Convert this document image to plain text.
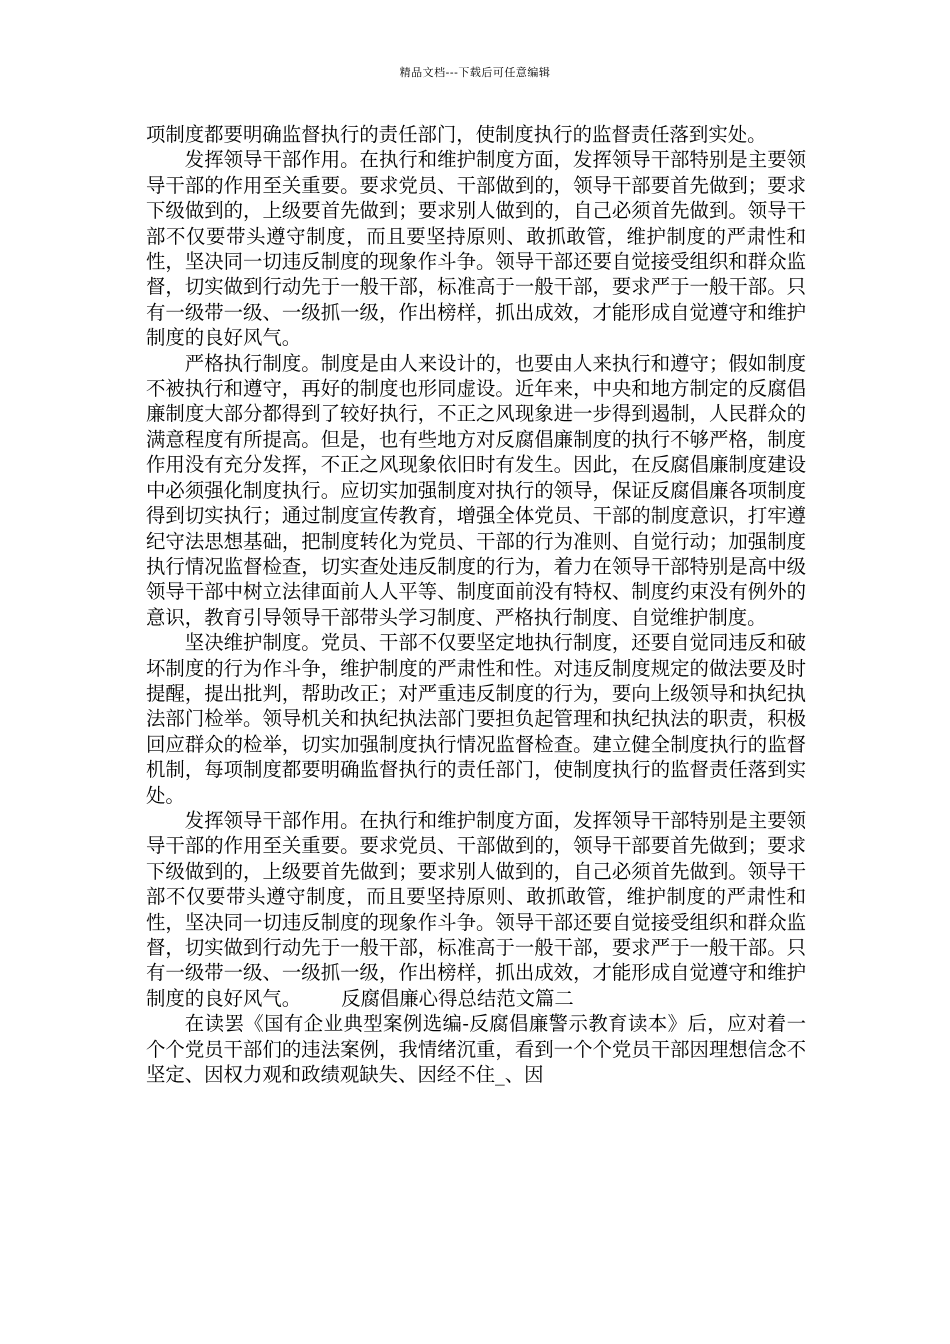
精品文档---下载后可任意编辑

项制度都要明确监督执行的责任部门，使制度执行的监督责任落到实处。

发挥领导干部作用。在执行和维护制度方面，发挥领导干部特别是主要领导干部的作用至关重要。要求党员、干部做到的，领导干部要首先做到；要求下级做到的，上级要首先做到；要求别人做到的，自己必须首先做到。领导干部不仅要带头遵守制度，而且要坚持原则、敢抓敢管，维护制度的严肃性和性，坚决同一切违反制度的现象作斗争。领导干部还要自觉接受组织和群众监督，切实做到行动先于一般干部，标准高于一般干部，要求严于一般干部。只有一级带一级、一级抓一级，作出榜样，抓出成效，才能形成自觉遵守和维护制度的良好风气。

严格执行制度。制度是由人来设计的，也要由人来执行和遵守；假如制度不被执行和遵守，再好的制度也形同虚设。近年来，中央和地方制定的反腐倡廉制度大部分都得到了较好执行，不正之风现象进一步得到遏制，人民群众的满意程度有所提高。但是，也有些地方对反腐倡廉制度的执行不够严格，制度作用没有充分发挥，不正之风现象依旧时有发生。因此，在反腐倡廉制度建设中必须强化制度执行。应切实加强制度对执行的领导，保证反腐倡廉各项制度得到切实执行；通过制度宣传教育，增强全体党员、干部的制度意识，打牢遵纪守法思想基础，把制度转化为党员、干部的行为准则、自觉行动；加强制度执行情况监督检查，切实查处违反制度的行为，着力在领导干部特别是高中级领导干部中树立法律面前人人平等、制度面前没有特权、制度约束没有例外的意识，教育引导领导干部带头学习制度、严格执行制度、自觉维护制度。

坚决维护制度。党员、干部不仅要坚定地执行制度，还要自觉同违反和破坏制度的行为作斗争，维护制度的严肃性和性。对违反制度规定的做法要及时提醒，提出批判，帮助改正；对严重违反制度的行为，要向上级领导和执纪执法部门检举。领导机关和执纪执法部门要担负起管理和执纪执法的职责，积极回应群众的检举，切实加强制度执行情况监督检查。建立健全制度执行的监督机制，每项制度都要明确监督执行的责任部门，使制度执行的监督责任落到实处。

发挥领导干部作用。在执行和维护制度方面，发挥领导干部特别是主要领导干部的作用至关重要。要求党员、干部做到的，领导干部要首先做到；要求下级做到的，上级要首先做到；要求别人做到的，自己必须首先做到。领导干部不仅要带头遵守制度，而且要坚持原则、敢抓敢管，维护制度的严肃性和性，坚决同一切违反制度的现象作斗争。领导干部还要自觉接受组织和群众监督，切实做到行动先于一般干部，标准高于一般干部，要求严于一般干部。只有一级带一级、一级抓一级，作出榜样，抓出成效，才能形成自觉遵守和维护制度的良好风气。 反腐倡廉心得总结范文篇二

在读罢《国有企业典型案例选编-反腐倡廉警示教育读本》后，应对着一个个党员干部们的违法案例，我情绪沉重，看到一个个党员干部因理想信念不坚定、因权力观和政绩观缺失、因经不住_、因
